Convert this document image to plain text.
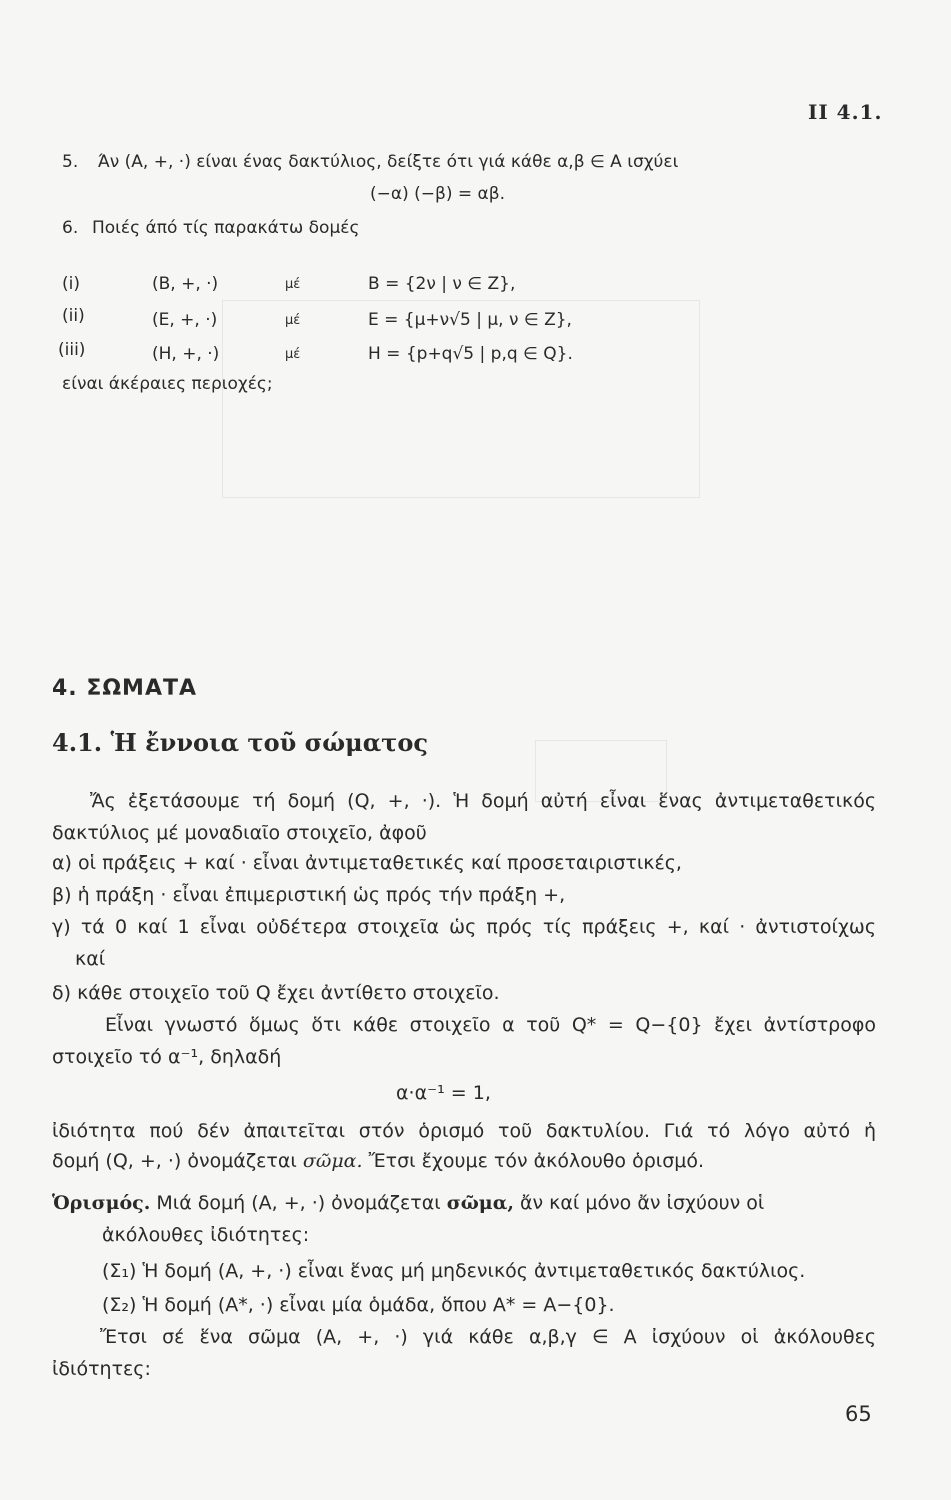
II 4.1.
5. Άν (Α, +, ·) είναι ένας δακτύλιος, δείξτε ότι γιά κάθε α,β ∈ Α ισχύει
(−α) (−β) = αβ.
6. Ποιές άπό τίς παρακάτω δομές
(i)	(B, +, ·)	μέ	B = {2ν | ν ∈ Z},
(ii)	(E, +, ·)	μέ	E = {μ+ν√5 | μ, ν ∈ Z},
(iii)	(H, +, ·)	μέ	H = {p+q√5 | p,q ∈ Q}.
είναι άκέραιες περιοχές;
4. ΣΩΜΑΤΑ
4.1. Ἡ ἔννοια τοῦ σώματος
Ἄς ἐξετάσουμε τή δομή (Q, +, ·). Ἡ δομή αὐτή εἶναι ἕνας ἀντιμεταθετικός
δακτύλιος μέ μοναδιαῖο στοιχεῖο, ἀφοῦ
α) οἱ πράξεις + καί · εἶναι ἀντιμεταθετικές καί προσεταιριστικές,
β) ἡ πράξη · εἶναι ἐπιμεριστική ὡς πρός τήν πράξη +,
γ) τά 0 καί 1 εἶναι οὐδέτερα στοιχεῖα ὡς πρός τίς πράξεις +, καί · ἀντιστοίχως
καί
δ) κάθε στοιχεῖο τοῦ Q ἔχει ἀντίθετο στοιχεῖο.
Εἶναι γνωστό ὅμως ὅτι κάθε στοιχεῖο α τοῦ Q* = Q−{0} ἔχει ἀντίστροφο
στοιχεῖο τό α⁻¹, δηλαδή
α·α⁻¹ = 1,
ἰδιότητα πού δέν ἀπαιτεῖται στόν ὁρισμό τοῦ δακτυλίου. Γιά τό λόγο αὐτό ἡ
δομή (Q, +, ·) ὀνομάζεται σῶμα. Ἔτσι ἔχουμε τόν ἀκόλουθο ὁρισμό.
Ὁρισμός. Μιά δομή (Α, +, ·) ὀνομάζεται σῶμα, ἄν καί μόνο ἄν ἰσχύουν οἱ
ἀκόλουθες ἰδιότητες:
(Σ₁) Ἡ δομή (Α, +, ·) εἶναι ἕνας μή μηδενικός ἀντιμεταθετικός δακτύλιος.
(Σ₂) Ἡ δομή (Α*, ·) εἶναι μία ὁμάδα, ὅπου Α* = Α−{0}.
Ἔτσι σέ ἕνα σῶμα (Α, +, ·) γιά κάθε α,β,γ ∈ Α ἰσχύουν οἱ ἀκόλουθες
ἰδιότητες:
65
